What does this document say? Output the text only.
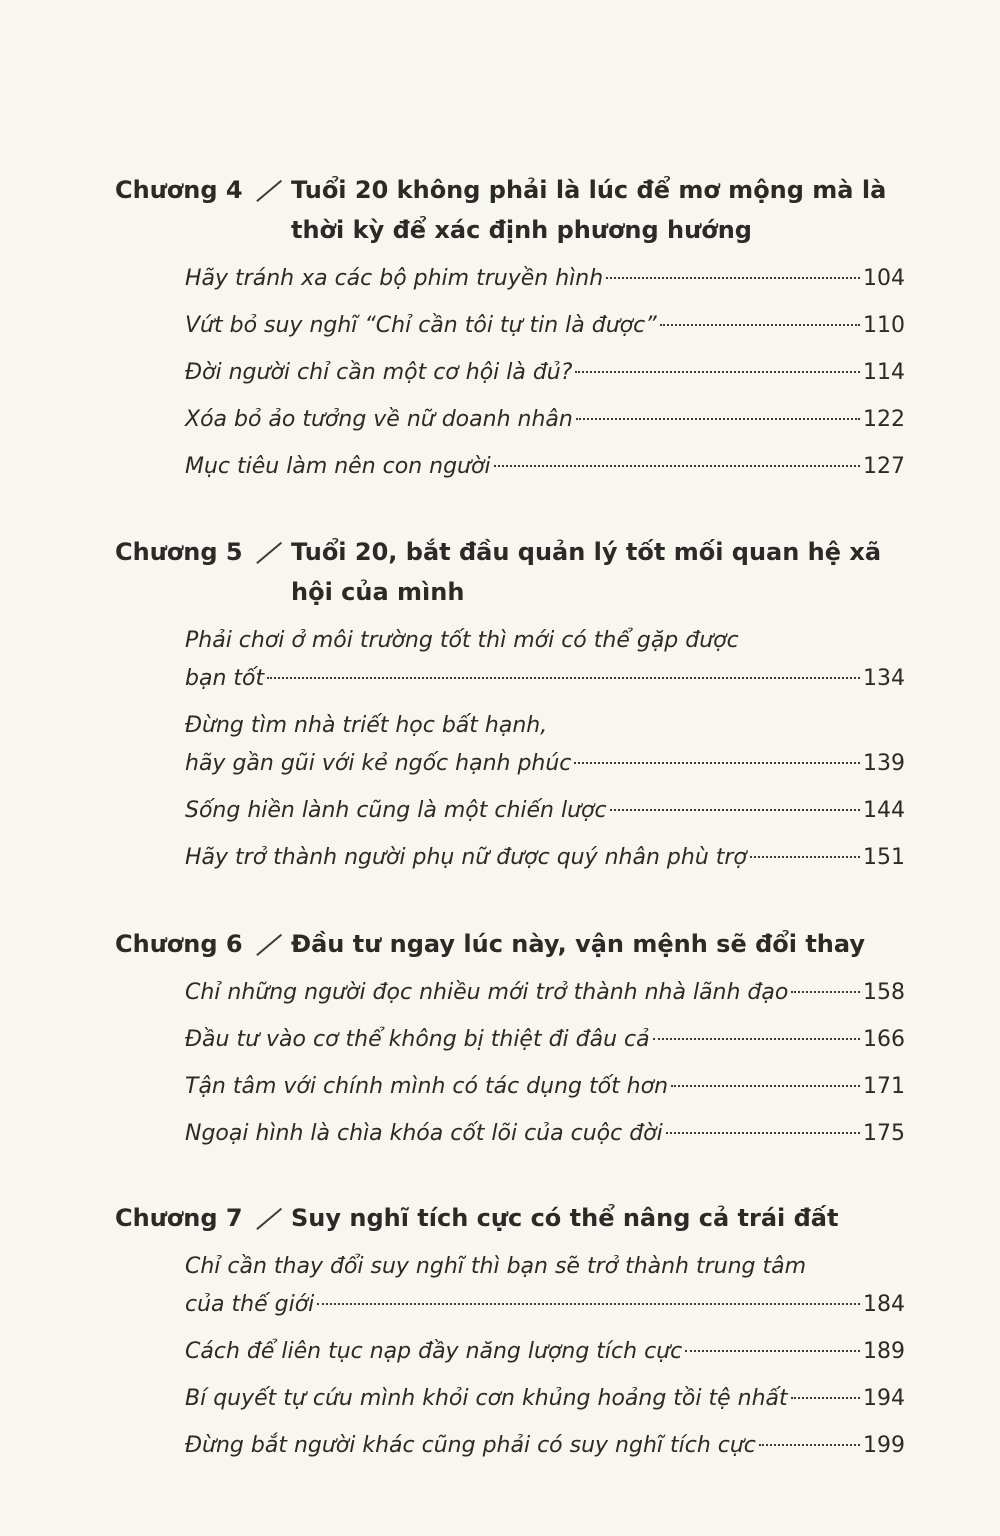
Chương 4 Tuổi 20 không phải là lúc để mơ mộng mà là thời kỳ để xác định phương hướng
Hãy tránh xa các bộ phim truyền hình	104
Vứt bỏ suy nghĩ “Chỉ cần tôi tự tin là được”	110
Đời người chỉ cần một cơ hội là đủ?	114
Xóa bỏ ảo tưởng về nữ doanh nhân	122
Mục tiêu làm nên con người	127
Chương 5 Tuổi 20, bắt đầu quản lý tốt mối quan hệ xã hội của mình
Phải chơi ở môi trường tốt thì mới có thể gặp được
bạn tốt	134
Đừng tìm nhà triết học bất hạnh,
hãy gần gũi với kẻ ngốc hạnh phúc	139
Sống hiền lành cũng là một chiến lược	144
Hãy trở thành người phụ nữ được quý nhân phù trợ	151
Chương 6 Đầu tư ngay lúc này, vận mệnh sẽ đổi thay
Chỉ những người đọc nhiều mới trở thành nhà lãnh đạo	158
Đầu tư vào cơ thể không bị thiệt đi đâu cả	166
Tận tâm với chính mình có tác dụng tốt hơn	171
Ngoại hình là chìa khóa cốt lõi của cuộc đời	175
Chương 7 Suy nghĩ tích cực có thể nâng cả trái đất
Chỉ cần thay đổi suy nghĩ thì bạn sẽ trở thành trung tâm
của thế giới	184
Cách để liên tục nạp đầy năng lượng tích cực	189
Bí quyết tự cứu mình khỏi cơn khủng hoảng tồi tệ nhất	194
Đừng bắt người khác cũng phải có suy nghĩ tích cực	199
